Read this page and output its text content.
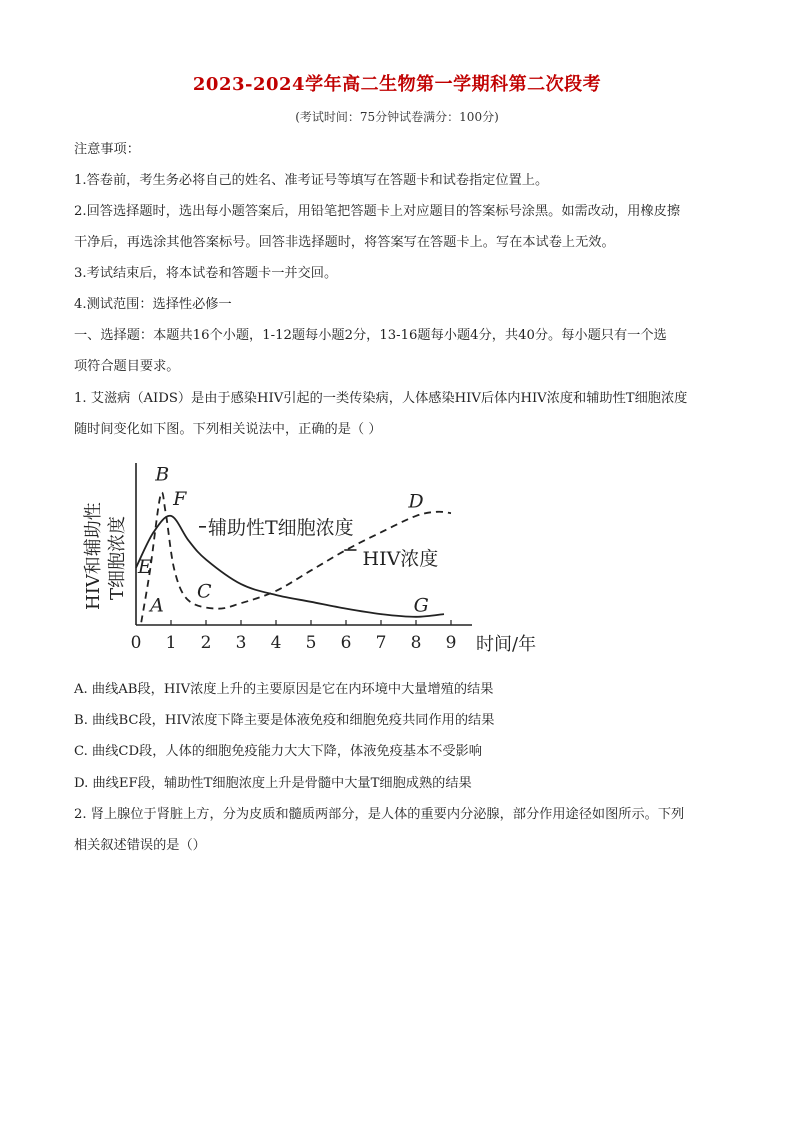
2023-2024学年高二生物第一学期科第二次段考
(考试时间：75分钟试卷满分：100分)
注意事项：
1.答卷前，考生务必将自己的姓名、准考证号等填写在答题卡和试卷指定位置上。
2.回答选择题时，选出每小题答案后，用铅笔把答题卡上对应题目的答案标号涂黑。如需改动，用橡皮擦
干净后，再选涂其他答案标号。回答非选择题时，将答案写在答题卡上。写在本试卷上无效。
3.考试结束后，将本试卷和答题卡一并交回。
4.测试范围：选择性必修一
一、选择题：本题共16个小题，1-12题每小题2分，13-16题每小题4分，共40分。每小题只有一个选
项符合题目要求。
1. 艾滋病（AIDS）是由于感染HIV引起的一类传染病，人体感染HIV后体内HIV浓度和辅助性T细胞浓度
随时间变化如下图。下列相关说法中，正确的是（ ）
0 1 2 3 4 5 6 7 8 9 时间/年
HIV和辅助性 T细胞浓度	辅助性T细胞浓度
HIV浓度
A
B
E
F
C
D
G
A. 曲线AB段，HIV浓度上升的主要原因是它在内环境中大量增殖的结果
B. 曲线BC段，HIV浓度下降主要是体液免疫和细胞免疫共同作用的结果
C. 曲线CD段，人体的细胞免疫能力大大下降，体液免疫基本不受影响
D. 曲线EF段，辅助性T细胞浓度上升是骨髓中大量T细胞成熟的结果
2. 肾上腺位于肾脏上方，分为皮质和髓质两部分，是人体的重要内分泌腺，部分作用途径如图所示。下列
相关叙述错误的是（）
